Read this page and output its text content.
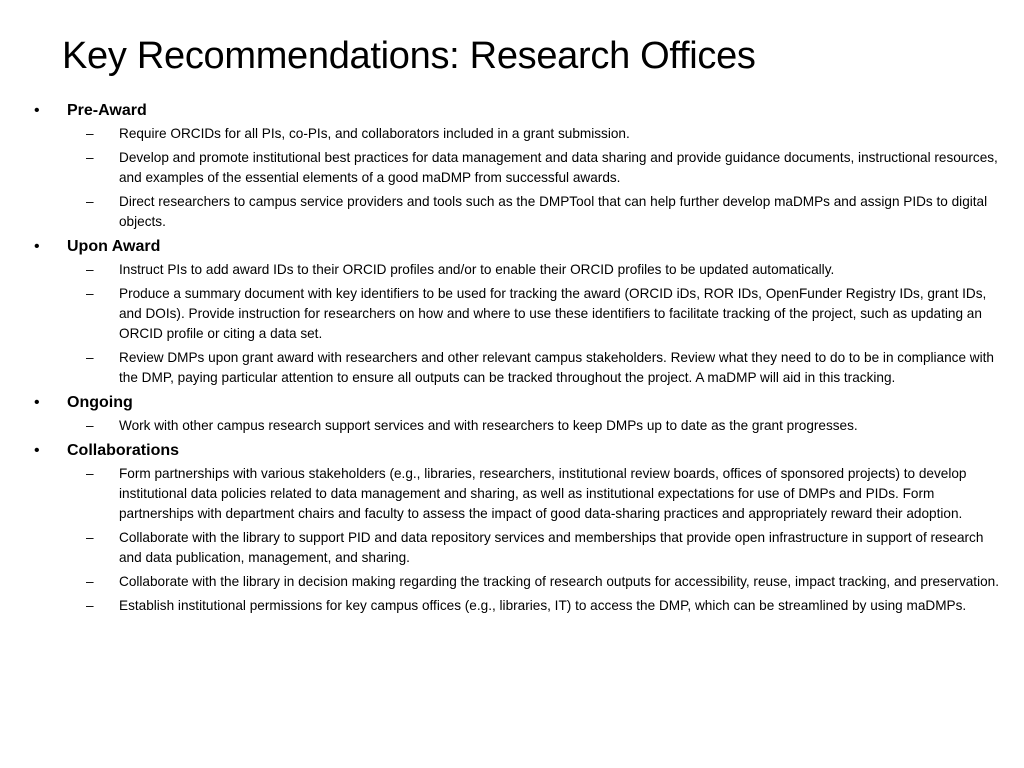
Key Recommendations: Research Offices
• Pre-Award
– Require ORCIDs for all PIs, co-PIs, and collaborators included in a grant submission.
– Develop and promote institutional best practices for data management and data sharing and provide guidance documents, instructional resources, and examples of the essential elements of a good maDMP from successful awards.
– Direct researchers to campus service providers and tools such as the DMPTool that can help further develop maDMPs and assign PIDs to digital objects.
• Upon Award
– Instruct PIs to add award IDs to their ORCID profiles and/or to enable their ORCID profiles to be updated automatically.
– Produce a summary document with key identifiers to be used for tracking the award (ORCID iDs, ROR IDs, OpenFunder Registry IDs, grant IDs, and DOIs). Provide instruction for researchers on how and where to use these identifiers to facilitate tracking of the project, such as updating an ORCID profile or citing a data set.
– Review DMPs upon grant award with researchers and other relevant campus stakeholders. Review what they need to do to be in compliance with the DMP, paying particular attention to ensure all outputs can be tracked throughout the project. A maDMP will aid in this tracking.
• Ongoing
– Work with other campus research support services and with researchers to keep DMPs up to date as the grant progresses.
• Collaborations
– Form partnerships with various stakeholders (e.g., libraries, researchers, institutional review boards, offices of sponsored projects) to develop institutional data policies related to data management and sharing, as well as institutional expectations for use of DMPs and PIDs. Form partnerships with department chairs and faculty to assess the impact of good data-sharing practices and appropriately reward their adoption.
– Collaborate with the library to support PID and data repository services and memberships that provide open infrastructure in support of research and data publication, management, and sharing.
– Collaborate with the library in decision making regarding the tracking of research outputs for accessibility, reuse, impact tracking, and preservation.
– Establish institutional permissions for key campus offices (e.g., libraries, IT) to access the DMP, which can be streamlined by using maDMPs.
